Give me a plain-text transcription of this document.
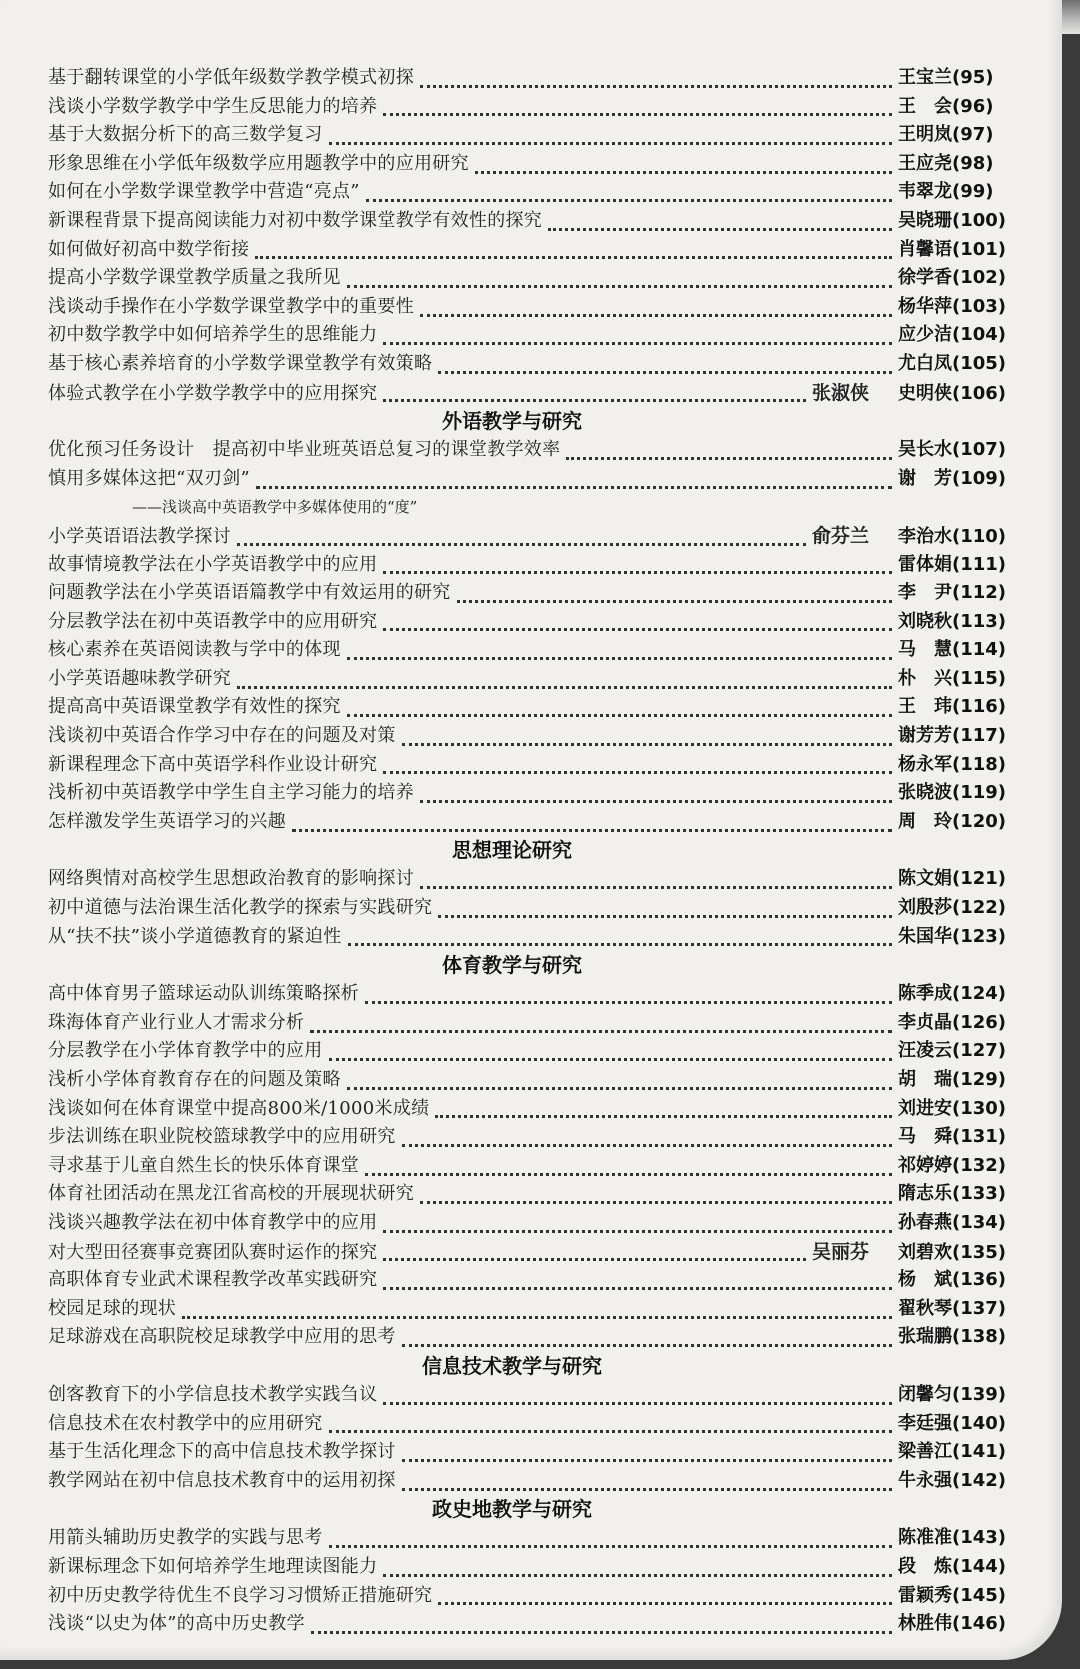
基于翻转课堂的小学低年级数学教学模式初探	王宝兰(95)
浅谈小学数学教学中学生反思能力的培养	王　会(96)
基于大数据分析下的高三数学复习	王明岚(97)
形象思维在小学低年级数学应用题教学中的应用研究	王应尧(98)
如何在小学数学课堂教学中营造“亮点”	韦翠龙(99)
新课程背景下提高阅读能力对初中数学课堂教学有效性的探究	吴晓珊(100)
如何做好初高中数学衔接	肖馨语(101)
提高小学数学课堂教学质量之我所见	徐学香(102)
浅谈动手操作在小学数学课堂教学中的重要性	杨华萍(103)
初中数学教学中如何培养学生的思维能力	应少洁(104)
基于核心素养培育的小学数学课堂教学有效策略	尤白凤(105)
体验式教学在小学数学教学中的应用探究	张淑侠	史明侠(106)
外语教学与研究
优化预习任务设计　提高初中毕业班英语总复习的课堂教学效率	吴长水(107)
慎用多媒体这把“双刃剑”	谢　芳(109)
——浅谈高中英语教学中多媒体使用的“度”
小学英语语法教学探讨	俞芬兰	李治水(110)
故事情境教学法在小学英语教学中的应用	雷体娟(111)
问题教学法在小学英语语篇教学中有效运用的研究	李　尹(112)
分层教学法在初中英语教学中的应用研究	刘晓秋(113)
核心素养在英语阅读教与学中的体现	马　慧(114)
小学英语趣味教学研究	朴　兴(115)
提高高中英语课堂教学有效性的探究	王　玮(116)
浅谈初中英语合作学习中存在的问题及对策	谢芳芳(117)
新课程理念下高中英语学科作业设计研究	杨永军(118)
浅析初中英语教学中学生自主学习能力的培养	张晓波(119)
怎样激发学生英语学习的兴趣	周　玲(120)
思想理论研究
网络舆情对高校学生思想政治教育的影响探讨	陈文娟(121)
初中道德与法治课生活化教学的探索与实践研究	刘殷莎(122)
从“扶不扶”谈小学道德教育的紧迫性	朱国华(123)
体育教学与研究
高中体育男子篮球运动队训练策略探析	陈季成(124)
珠海体育产业行业人才需求分析	李贞晶(126)
分层教学在小学体育教学中的应用	汪凌云(127)
浅析小学体育教育存在的问题及策略	胡　瑞(129)
浅谈如何在体育课堂中提高800米/1000米成绩	刘进安(130)
步法训练在职业院校篮球教学中的应用研究	马　舜(131)
寻求基于儿童自然生长的快乐体育课堂	祁婷婷(132)
体育社团活动在黑龙江省高校的开展现状研究	隋志乐(133)
浅谈兴趣教学法在初中体育教学中的应用	孙春燕(134)
对大型田径赛事竞赛团队赛时运作的探究	吴丽芬	刘碧欢(135)
高职体育专业武术课程教学改革实践研究	杨　斌(136)
校园足球的现状	翟秋琴(137)
足球游戏在高职院校足球教学中应用的思考	张瑞鹏(138)
信息技术教学与研究
创客教育下的小学信息技术教学实践刍议	闭馨匀(139)
信息技术在农村教学中的应用研究	李廷强(140)
基于生活化理念下的高中信息技术教学探讨	梁善江(141)
教学网站在初中信息技术教育中的运用初探	牛永强(142)
政史地教学与研究
用箭头辅助历史教学的实践与思考	陈准准(143)
新课标理念下如何培养学生地理读图能力	段　炼(144)
初中历史教学待优生不良学习习惯矫正措施研究	雷颖秀(145)
浅谈“以史为体”的高中历史教学	林胜伟(146)
